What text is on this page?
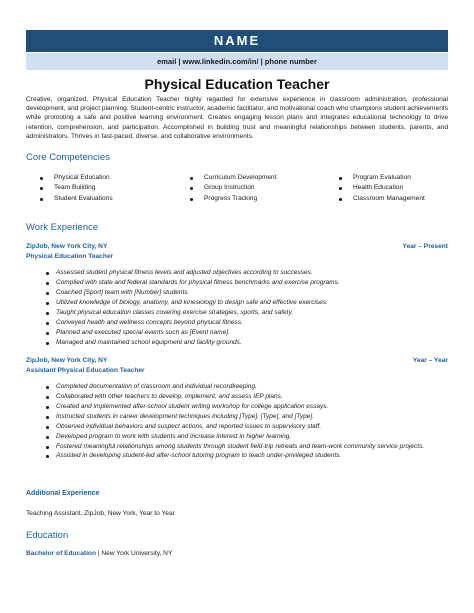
NAME
email | www.linkedin.com/in/ | phone number
Physical Education Teacher
Creative, organized, Physical Education Teacher highly regarded for extensive experience in classroom administration, professional development, and project planning. Student-centric instructor, academic facilitator, and motivational coach who champions student achievements while promoting a safe and positive learning environment. Creates engaging lesson plans and integrates educational technology to drive retention, comprehension, and participation. Accomplished in building trust and meaningful relationships between students, parents, and administrators. Thrives in fast-paced, diverse, and collaborative environments.
Core Competencies
Physical Education
Team Building
Student Evaluations
Curriculum Development
Group Instruction
Progress Tracking
Program Evaluation
Health Education
Classroom Management
Work Experience
ZipJob, New York City, NY	Year – Present
Physical Education Teacher
Assessed student physical fitness levels and adjusted objectives according to successes.
Complied with state and federal standards for physical fitness benchmarks and exercise programs.
Coached [Sport] team with [Number] students.
Utilized knowledge of biology, anatomy, and kinesiology to design safe and effective exercises.
Taught physical education classes covering exercise strategies, sports, and safety.
Conveyed health and wellness concepts beyond physical fitness.
Planned and executed special events such as [Event name].
Managed and maintained school equipment and facility grounds.
ZipJob, New York City, NY	Year – Year
Assistant Physical Education Teacher
Completed documentation of classroom and individual recordkeeping.
Collaborated with other teachers to develop, implement, and assess IEP plans.
Created and implemented after-school student writing workshop for college application essays.
Instructed students in career development techniques including [Type], [Type], and [Type].
Observed individual behaviors and suspect actions, and reported issues to supervisory staff.
Developed program to work with students and increase interest in higher learning.
Fostered meaningful relationships among students through student field-trip retreats and team-work community service projects.
Assisted in developing student-led after-school tutoring program to teach under-privileged students.
Additional Experience
Teaching Assistant, ZipJob, New York, Year to Year
Education
Bachelor of Education | New York University, NY
